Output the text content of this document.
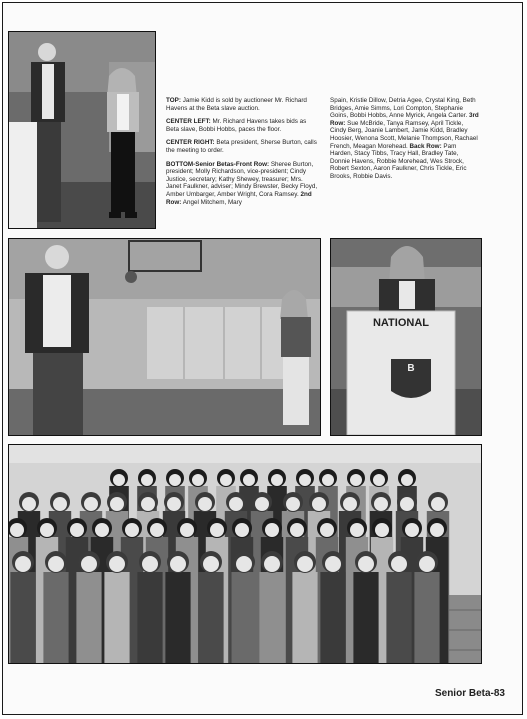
TOP: Jamie Kidd is sold by auctioneer Mr. Richard Havens at the Beta slave auction.

CENTER LEFT: Mr. Richard Havens takes bids as Beta slave, Bobbi Hobbs, paces the floor.

CENTER RIGHT: Beta president, Sherse Burton, calls the meeting to order.

BOTTOM-Senior Betas-Front Row: Sheree Burton, president; Molly Richardson, vice-president; Cindy Justice, secretary; Kathy Shewey, treasurer; Mrs. Janet Faulkner, adviser; Mindy Brewster, Becky Floyd, Amber Umbarger, Amber Wright, Cora Ramsey. 2nd Row: Angel Mitchem, Mary

Spain, Kristie Dillow, Detria Agee, Crystal King, Beth Bridges, Amie Simms, Lori Compton, Stephanie Goins, Bobbi Hobbs, Anne Myrick, Angela Carter. 3rd Row: Sue McBride, Tanya Ramsey, April Tickle, Cindy Berg, Joanie Lambert, Jamie Kidd, Bradley Hoosier, Wenona Scott, Melanie Thompson, Rachael French, Meagan Morehead. Back Row: Pam Harden, Stacy Tibbs, Tracy Hall, Bradley Tate, Donnie Havens, Robbie Morehead, Wes Strock, Robert Sexton, Aaron Faulkner, Chris Tickle, Eric Brooks, Robbie Davis.

NATIONAL
B
Senior Beta-83
